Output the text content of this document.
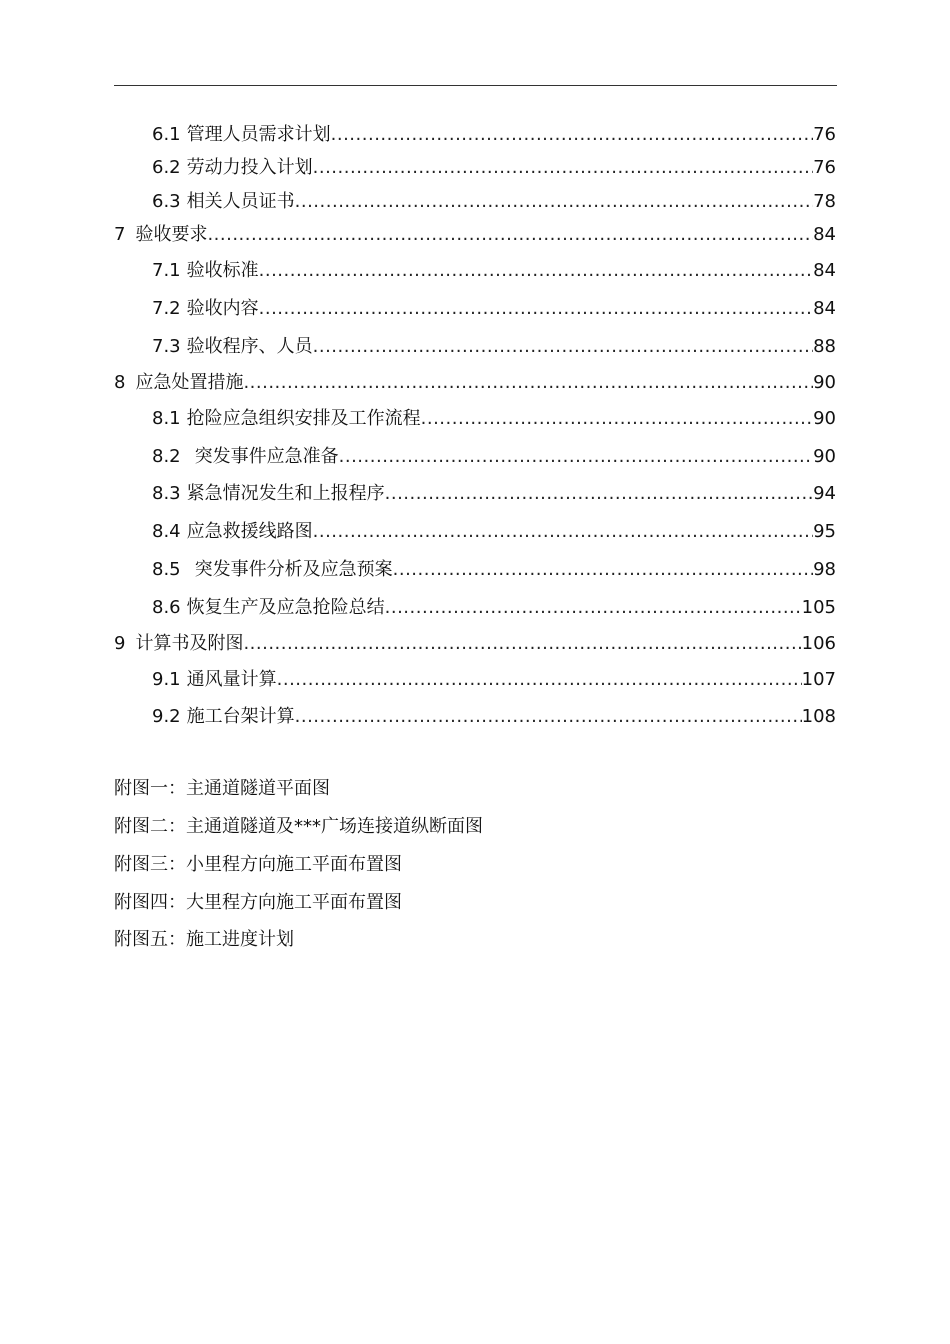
6.1 管理人员需求计划 .....	76
6.2 劳动力投入计划 .....	76
6.3 相关人员证书 .....	78
7 验收要求 .....	84
7.1 验收标准 .....	84
7.2 验收内容 .....	84
7.3 验收程序、人员 .....	88
8 应急处置措施 .....	90
8.1 抢险应急组织安排及工作流程 .....	90
8.2 突发事件应急准备 .....	90
8.3 紧急情况发生和上报程序 .....	94
8.4 应急救援线路图 .....	95
8.5 突发事件分析及应急预案 .....	98
8.6 恢复生产及应急抢险总结 .....	105
9 计算书及附图 .....	106
9.1 通风量计算 .....	107
9.2 施工台架计算 .....	108
附图一：主通道隧道平面图
附图二：主通道隧道及***广场连接道纵断面图
附图三：小里程方向施工平面布置图
附图四：大里程方向施工平面布置图
附图五：施工进度计划
